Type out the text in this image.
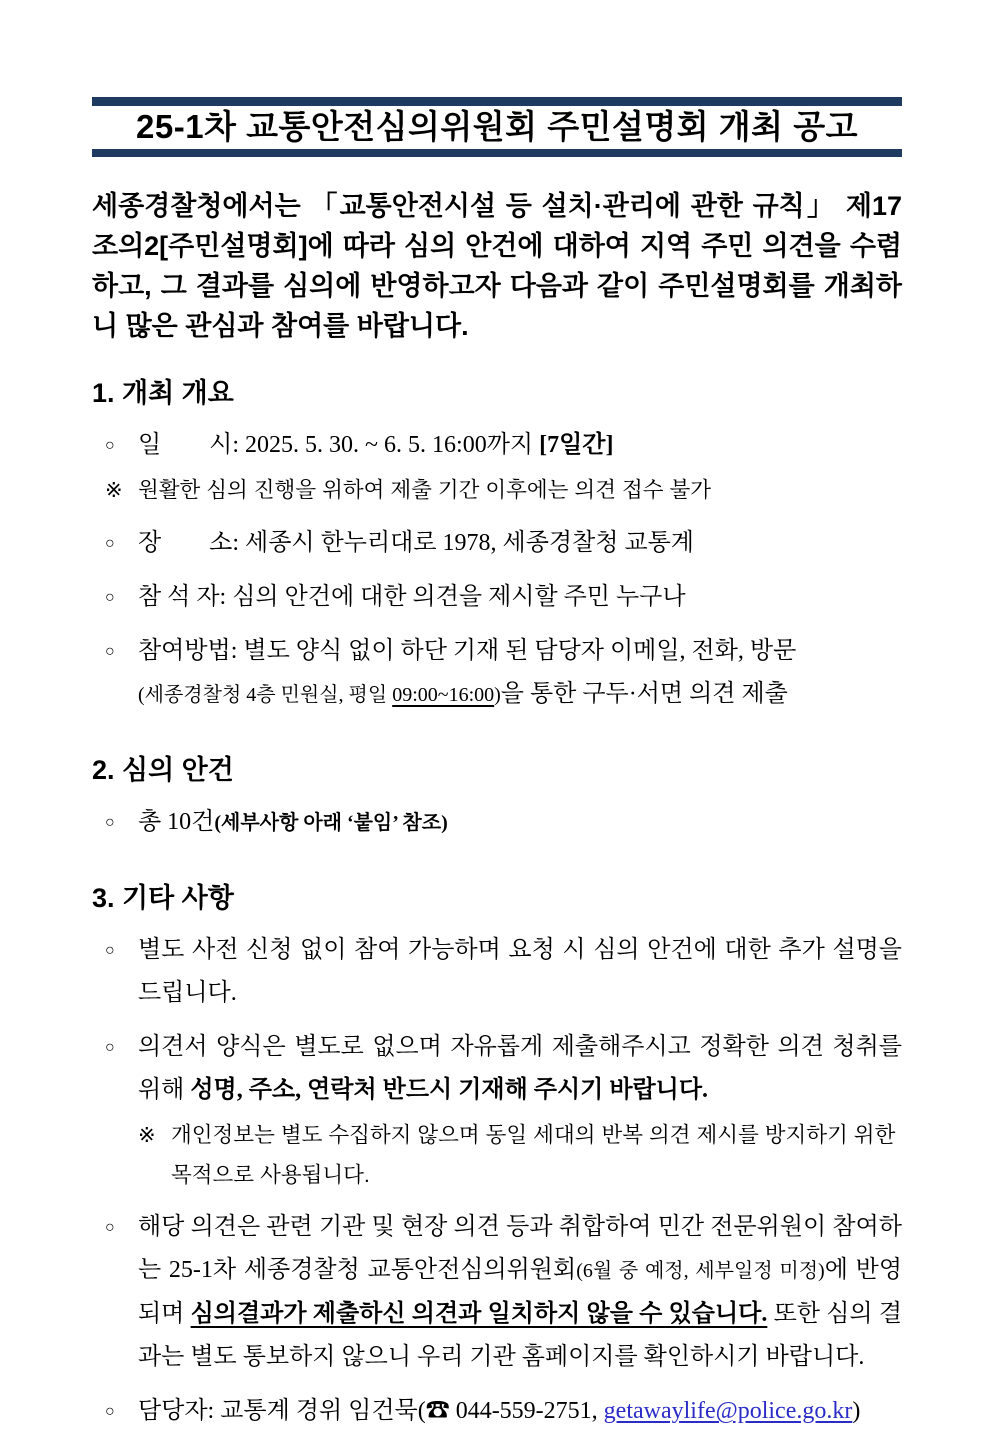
25-1차 교통안전심의위원회 주민설명회 개최 공고

세종경찰청에서는 「교통안전시설 등 설치·관리에 관한 규칙」 제17조의2[주민설명회]에 따라 심의 안건에 대하여 지역 주민 의견을 수렴하고, 그 결과를 심의에 반영하고자 다음과 같이 주민설명회를 개최하니 많은 관심과 참여를 바랍니다.

1. 개최 개요
○ 일        시: 2025. 5. 30. ~ 6. 5. 16:00까지 [7일간]

※ 원활한 심의 진행을 위하여 제출 기간 이후에는 의견 접수 불가

○ 장        소: 세종시 한누리대로 1978, 세종경찰청 교통계

○ 참 석 자: 심의 안건에 대한 의견을 제시할 주민 누구나

○ 참여방법: 별도 양식 없이 하단 기재 된 담당자 이메일, 전화, 방문
(세종경찰청 4층 민원실, 평일 09:00~16:00)을 통한 구두·서면 의견 제출

2. 심의 안건
○ 총 10건(세부사항 아래 ‘붙임’ 참조)

3. 기타 사항
○ 별도 사전 신청 없이 참여 가능하며 요청 시 심의 안건에 대한 추가 설명을 드립니다.

○ 의견서 양식은 별도로 없으며 자유롭게 제출해주시고 정확한 의견 청취를 위해 성명, 주소, 연락처 반드시 기재해 주시기 바랍니다.

※ 개인정보는 별도 수집하지 않으며 동일 세대의 반복 의견 제시를 방지하기 위한 목적으로 사용됩니다.

○ 해당 의견은 관련 기관 및 현장 의견 등과 취합하여 민간 전문위원이 참여하는 25-1차 세종경찰청 교통안전심의위원회(6월 중 예정, 세부일정 미정)에 반영되며 심의결과가 제출하신 의견과 일치하지 않을 수 있습니다. 또한 심의 결과는 별도 통보하지 않으니 우리 기관 홈페이지를 확인하시기 바랍니다.

○ 담당자: 교통계 경위 임건묵(☎ 044-559-2751, getawaylife@police.go.kr)
